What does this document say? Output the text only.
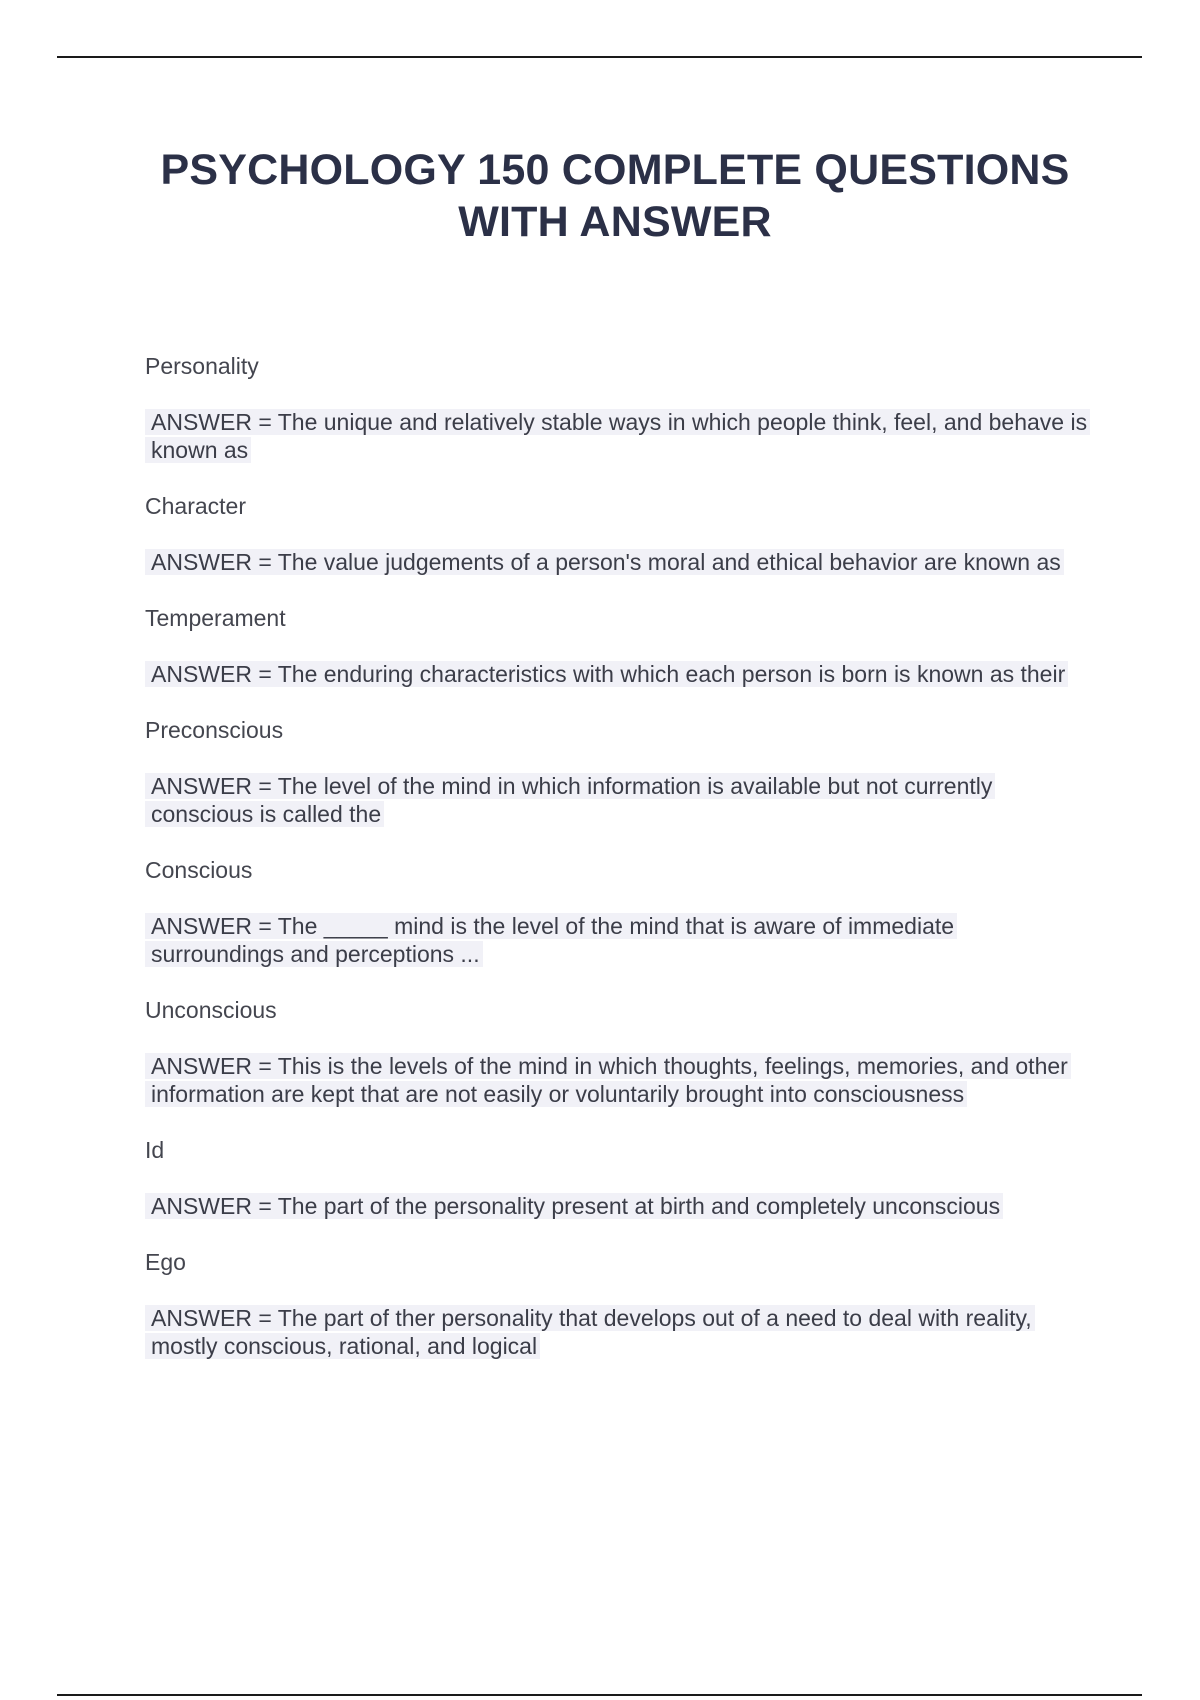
PSYCHOLOGY 150 COMPLETE QUESTIONS WITH ANSWER

Personality

ANSWER = The unique and relatively stable ways in which people think, feel, and behave is known as

Character

ANSWER = The value judgements of a person's moral and ethical behavior are known as

Temperament

ANSWER = The enduring characteristics with which each person is born is known as their

Preconscious

ANSWER = The level of the mind in which information is available but not currently conscious is called the

Conscious

ANSWER = The _____ mind is the level of the mind that is aware of immediate surroundings and perceptions ...

Unconscious

ANSWER = This is the levels of the mind in which thoughts, feelings, memories, and other information are kept that are not easily or voluntarily brought into consciousness

Id

ANSWER = The part of the personality present at birth and completely unconscious

Ego

ANSWER = The part of ther personality that develops out of a need to deal with reality, mostly conscious, rational, and logical
